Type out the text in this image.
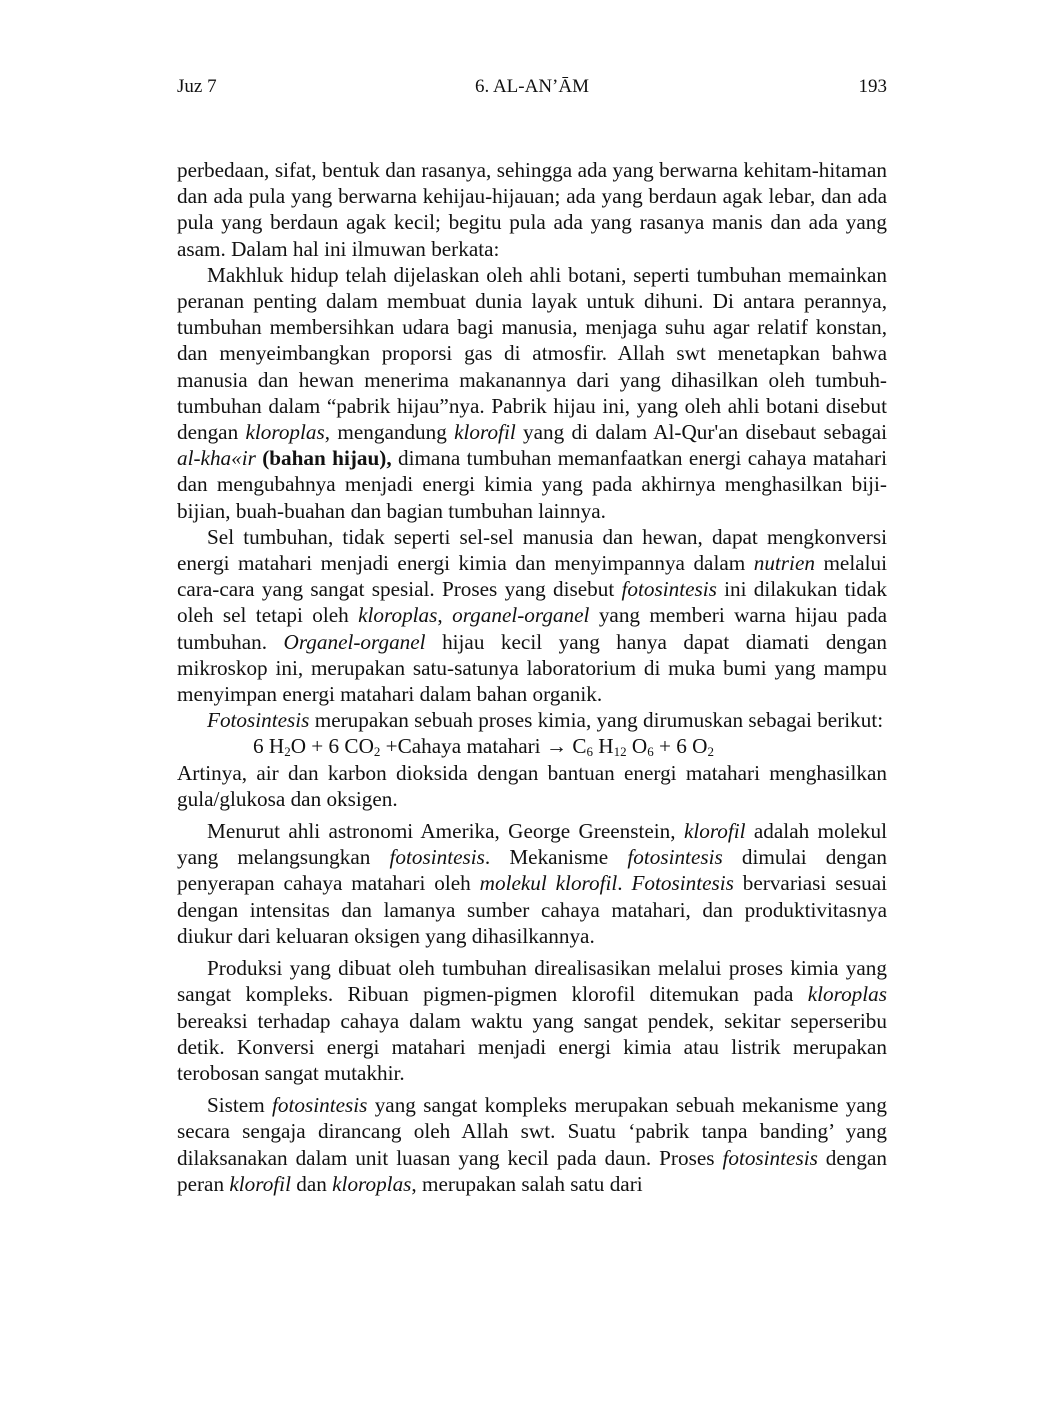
Juz 7	6. AL-AN’ĀM	193

perbedaan, sifat, bentuk dan rasanya, sehingga ada yang berwarna kehitam-hitaman dan ada pula yang berwarna kehijau-hijauan; ada yang berdaun agak lebar, dan ada pula yang berdaun agak kecil; begitu pula ada yang rasanya manis dan ada yang asam. Dalam hal ini ilmuwan berkata:

Makhluk hidup telah dijelaskan oleh ahli botani, seperti tumbuhan memainkan peranan penting dalam membuat dunia layak untuk dihuni. Di antara perannya, tumbuhan membersihkan udara bagi manusia, menjaga suhu agar relatif konstan, dan menyeimbangkan proporsi gas di atmosfir. Allah swt menetapkan bahwa manusia dan hewan menerima makanannya dari yang dihasilkan oleh tumbuh-tumbuhan dalam “pabrik hijau”nya. Pabrik hijau ini, yang oleh ahli botani disebut dengan kloroplas, mengandung klorofil yang di dalam Al-Qur'an disebaut sebagai al-kha«ir (bahan hijau), dimana tumbuhan memanfaatkan energi cahaya matahari dan mengubahnya menjadi energi kimia yang pada akhirnya menghasilkan biji-bijian, buah-buahan dan bagian tumbuhan lainnya.

Sel tumbuhan, tidak seperti sel-sel manusia dan hewan, dapat mengkonversi energi matahari menjadi energi kimia dan menyimpannya dalam nutrien melalui cara-cara yang sangat spesial. Proses yang disebut fotosintesis ini dilakukan tidak oleh sel tetapi oleh kloroplas, organel-organel yang memberi warna hijau pada tumbuhan. Organel-organel hijau kecil yang hanya dapat diamati dengan mikroskop ini, merupakan satu-satunya laboratorium di muka bumi yang mampu menyimpan energi matahari dalam bahan organik.

Fotosintesis merupakan sebuah proses kimia, yang dirumuskan sebagai berikut:

6 $H_2O + 6$ $CO_2$ +Cahaya matahari → $C_6$ $H_{12}$ $O_6 + 6$ $O_2$

Artinya, air dan karbon dioksida dengan bantuan energi matahari menghasilkan gula/glukosa dan oksigen.

Menurut ahli astronomi Amerika, George Greenstein, klorofil adalah molekul yang melangsungkan fotosintesis. Mekanisme fotosintesis dimulai dengan penyerapan cahaya matahari oleh molekul klorofil. Fotosintesis bervariasi sesuai dengan intensitas dan lamanya sumber cahaya matahari, dan produktivitasnya diukur dari keluaran oksigen yang dihasilkannya.

Produksi yang dibuat oleh tumbuhan direalisasikan melalui proses kimia yang sangat kompleks. Ribuan pigmen-pigmen klorofil ditemukan pada kloroplas bereaksi terhadap cahaya dalam waktu yang sangat pendek, sekitar seperseribu detik. Konversi energi matahari menjadi energi kimia atau listrik merupakan terobosan sangat mutakhir.

Sistem fotosintesis yang sangat kompleks merupakan sebuah mekanisme yang secara sengaja dirancang oleh Allah swt. Suatu ‘pabrik tanpa banding’ yang dilaksanakan dalam unit luasan yang kecil pada daun. Proses fotosintesis dengan peran klorofil dan kloroplas, merupakan salah satu dari
